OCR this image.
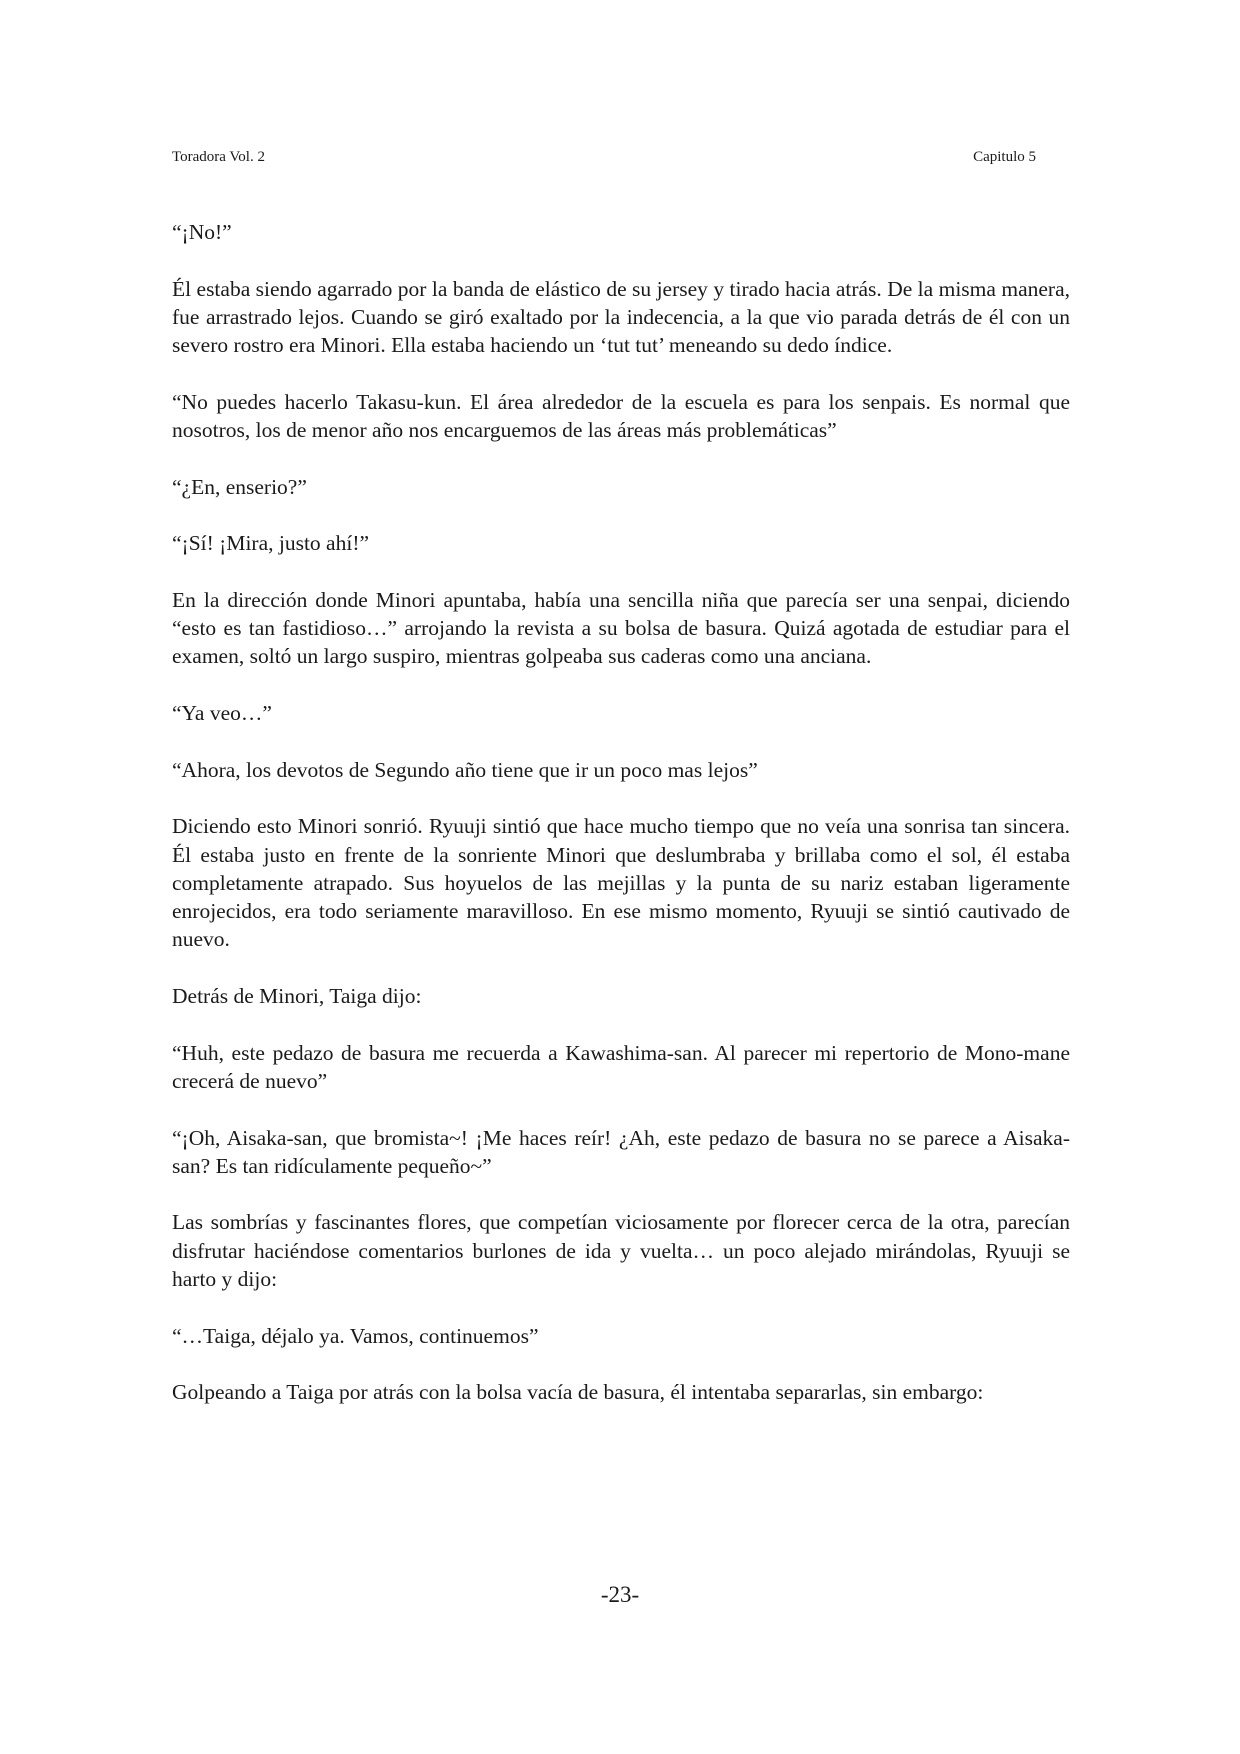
Toradora Vol. 2	Capitulo 5

“¡No!”

Él estaba siendo agarrado por la banda de elástico de su jersey y tirado hacia atrás. De la misma manera, fue arrastrado lejos. Cuando se giró exaltado por la indecencia, a la que vio parada detrás de él con un severo rostro era Minori. Ella estaba haciendo un ‘tut tut’ meneando su dedo índice.

“No puedes hacerlo Takasu-kun. El área alrededor de la escuela es para los senpais. Es normal que nosotros, los de menor año nos encarguemos de las áreas más problemáticas”

“¿En, enserio?”

“¡Sí! ¡Mira, justo ahí!”

En la dirección donde Minori apuntaba, había una sencilla niña que parecía ser una senpai, diciendo “esto es tan fastidioso…” arrojando la revista a su bolsa de basura. Quizá agotada de estudiar para el examen, soltó un largo suspiro, mientras golpeaba sus caderas como una anciana.

“Ya veo…”

“Ahora, los devotos de Segundo año tiene que ir un poco mas lejos”

Diciendo esto Minori sonrió. Ryuuji sintió que hace mucho tiempo que no veía una sonrisa tan sincera. Él estaba justo en frente de la sonriente Minori que deslumbraba y brillaba como el sol, él estaba completamente atrapado. Sus hoyuelos de las mejillas y la punta de su nariz estaban ligeramente enrojecidos, era todo seriamente maravilloso. En ese mismo momento, Ryuuji se sintió cautivado de nuevo.

Detrás de Minori, Taiga dijo:

“Huh, este pedazo de basura me recuerda a Kawashima-san. Al parecer mi repertorio de Mono-mane crecerá de nuevo”

“¡Oh, Aisaka-san, que bromista~! ¡Me haces reír! ¿Ah, este pedazo de basura no se parece a Aisaka-san? Es tan ridículamente pequeño~”

Las sombrías y fascinantes flores, que competían viciosamente por florecer cerca de la otra, parecían disfrutar haciéndose comentarios burlones de ida y vuelta… un poco alejado mirándolas, Ryuuji se harto y dijo:

“…Taiga, déjalo ya. Vamos, continuemos”

Golpeando a Taiga por atrás con la bolsa vacía de basura, él intentaba separarlas, sin embargo:

-23-
